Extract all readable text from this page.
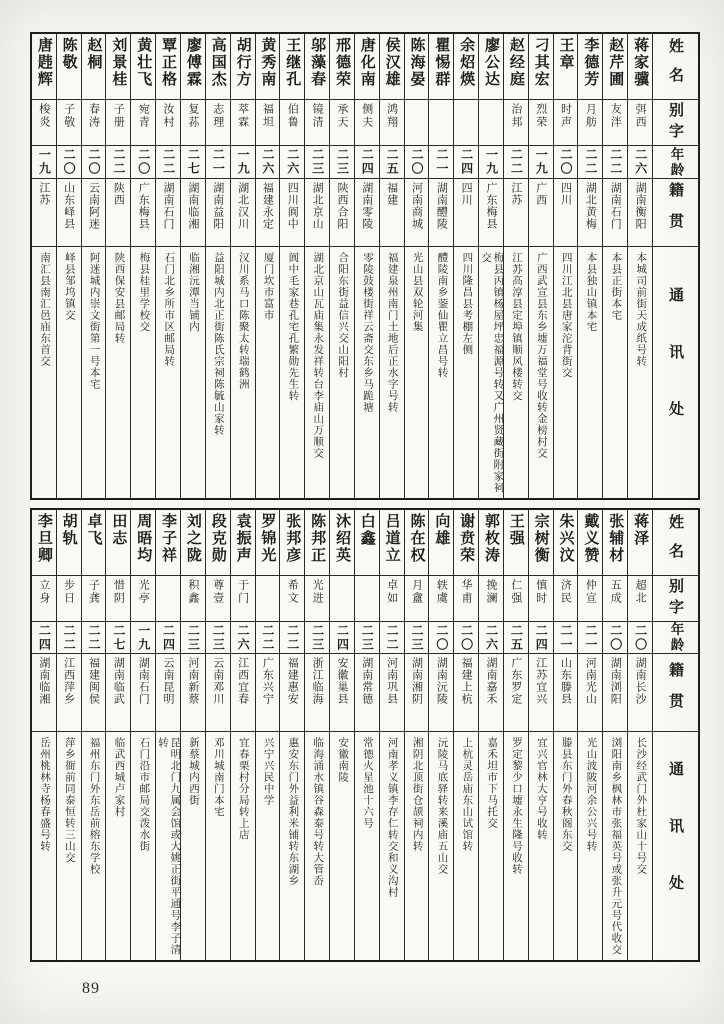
姓名
别字
年龄
籍贯
通讯处
蒋家骥
弭西
二六
湖南衡阳
本城司前街天成纸号转
赵芹圃
友泮
二二
湖南石门
本县正街本宅
李德芳
月舫
二二
湖北黄梅
本县独山镇本宅
王章
时声
二〇
四川
四川江北县唐家沱背街交
刁其宏
烈荣
一九
广西
广西武宣县东乡墟万福堂号收转金榜村交
赵经庭
治邦
二二
江苏
江苏高淳县定埠镇顺风楼转交
廖公达
一九
广东梅县
梅县丙镇杨屋坪忠福源号转又广州贤藏街附家祠交
余炤煐
二四
四川
四川隆昌县考棚左侧
瞿惕群
二一
湖南醴陵
醴陵南乡蓥仙瞿立昌号转
陈海晏
二〇
河南商城
光山县双轮河集
侯汉雄
鸿翔
二五
福建
福建泉州南门土地后正水字号转
唐化南
侧夫
二四
湖南零陵
零陵鼓楼街祥云斋交东乡马跪塘
邢德荣
承天
二三
陕西合阳
合阳东街益信兴交山阳村
邬藻春
镜清
二三
湖北京山
湖北京山瓦庙集永发祥转台李庙山万顺交
王继孔
伯鲁
二六
四川阆中
阆中毛家巷孔宅孔繁勋先生转
黄秀南
福坦
二六
福建永定
厦门坎市富市
胡行方
萃霖
一九
湖北汉川
汉川系马口陈聚太转瑞鹤洲
高国杰
志理
二一
湖南益阳
益阳城内北正街陈氏宗祠陈毓山家转
廖傅霖
复荪
二七
湖南临湘
临湘沅潭当铺内
覃正格
汝村
二二
湖南石门
石门北乡所市区邮局转
黄壮飞
宛青
二〇
广东梅县
梅县桂里学校交
刘景桂
子册
二二
陕西
陕西保安县邮局转
赵桐
春涛
二〇
云南阿迷
阿迷城内崇文街第一号本宅
陈敬
子敬
二〇
山东峄县
峄县邹坞镇交
唐韪辉
梭炎
一九
江苏
南汇县南汇邑庙东首交
姓名
别字
年龄
籍贯
通讯处
蒋泽
超北
二〇
湖南长沙
长沙经武门外杜家山十号交
张辅材
五成
二〇
湖南浏阳
浏阳南乡枫林市张福英号或张升元号代收交
戴义赞
仲宣
二一
河南光山
光山波陂河余公兴号转
朱兴汶
济民
二一
山东滕县
滕县东门外春秋阁东交
宗树衡
慎时
二四
江苏宜兴
宜兴官林大亨号收转
王强
仁强
二五
广东罗定
罗定黎少口墟永生隆号收转
郭枚涛
挽澜
二六
湖南嘉禾
嘉禾坦市下马托交
谢贲荣
华甫
二〇
福建上杭
上杭灵岳庙东山试馆转
向雄
轶虞
二〇
湖南沅陵
沅陵马底驿转来溪庙五山交
陈在权
月盦
二三
湖南湘阴
湘阴北顶街仓颉祠内转
吕道立
卓如
二二
河南巩县
河南孝义镇李存仁转交和义沟村
白鑫
二三
湖南常德
常德火星池十六号
沐绍英
二四
安徽巢县
安徽南陵
陈邦正
光进
二三
浙江临海
临海涌水镇谷森泰号转大管岙
张邦彦
希文
二二
福建惠安
惠安东门外益利米铺转东湖乡
罗锦光
二二
广东兴宁
兴宁兴民中学
袁振声
于门
二六
江西宜春
宜春栗村分局转上店
段克勋
尊壹
二三
云南邓川
邓川城南门本宅
刘之陇
积鑫
二三
河南新蔡
新蔡城内西街
李子祥
二四
云南昆明
昆明北门九属会馆或大姚正街平通号李子清转
周晤均
光亭
一九
湖南石门
石门沿市邮局交泼水街
田志
惜阴
二七
湖南临武
临武西城卢家村
卓飞
子龚
二二
福建闽侯
福州东门外东岳前榕东学校
胡轨
步日
二二
江西萍乡
萍乡衙前同泰恒转三山交
李旦卿
立身
二四
湖南临湘
岳州桃林寺杨春盛号转
89
